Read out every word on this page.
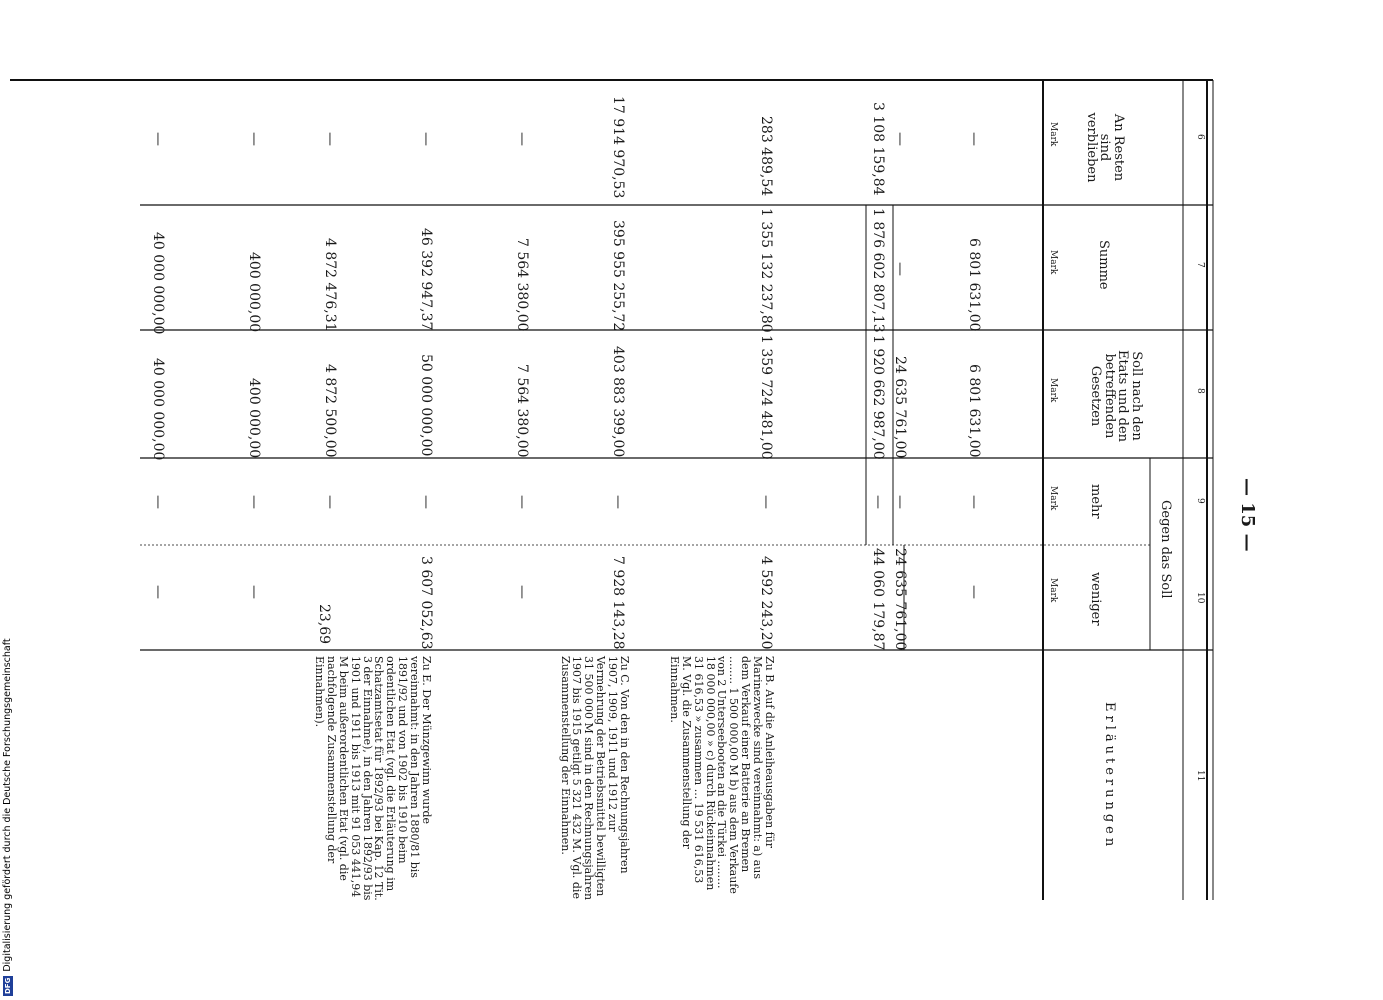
DFG
Digitalisierung gefördert durch die Deutsche Forschungsgemeinschaft
— 15 —
6
7
8
9
10
11
An Resten sind verblieben
Summe
Soll nach den Etats und den betreffenden Gesetzen
Gegen das Soll
mehr
weniger
Erläuterungen
Mark
Mark
Mark
Mark
Mark
—
6 801 631,00
6 801 631,00
—
—
—
—
24 635 761,00
—
24 635 761,00
3 108 159,84
1 876 602 807,13
1 920 662 987,00
—
44 060 179,87
283 489,54
1 355 132 237,80
1 359 724 481,00
—
4 592 243,20
17 914 970,53
395 955 255,72
403 883 399,00
—
7 928 143,28
—
7 564 380,00
7 564 380,00
—
—
—
46 392 947,37
50 000 000,00
—
3 607 052,63
—
4 872 476,31
4 872 500,00
—
23,69
—
400 000,00
400 000,00
—
—
—
40 000 000,00
40 000 000,00
—
—
Zu B. Auf die Anleiheausgaben für Marinezwecke sind vereinnahmt: a) aus dem Verkauf einer Batterie an Bremen ........ 1 500 000,00 M b) aus dem Verkaufe von 2 Unterseebooten an die Türkei ........ 18 000 000,00 » c) durch Rückeinnahmen 31 616,53 » zusammen ... 19 531 616,53 M. Vgl. die Zusammenstellung der Einnahmen.
Zu C. Von den in den Rechnungsjahren 1907, 1909, 1911 und 1912 zur Vermehrung der Betriebsmittel bewilligten 31 500 000 M sind in den Rechnungsjahren 1907 bis 1915 getilgt 5 321 432 M. Vgl. die Zusammenstellung der Einnahmen.
Zu E. Der Münzgewinn wurde vereinnahmt: in den Jahren 1880/81 bis 1891/92 und von 1902 bis 1910 beim ordentlichen Etat (vgl. die Erläuterung im Schatzamtsetat für 1892/93 bei Kap. 12 Tit. 3 der Einnahme), in den Jahren 1892/93 bis 1901 und 1911 bis 1913 mit 91 053 441,94 M beim außerordentlichen Etat (vgl. die nachfolgende Zusammenstellung der Einnahmen).
